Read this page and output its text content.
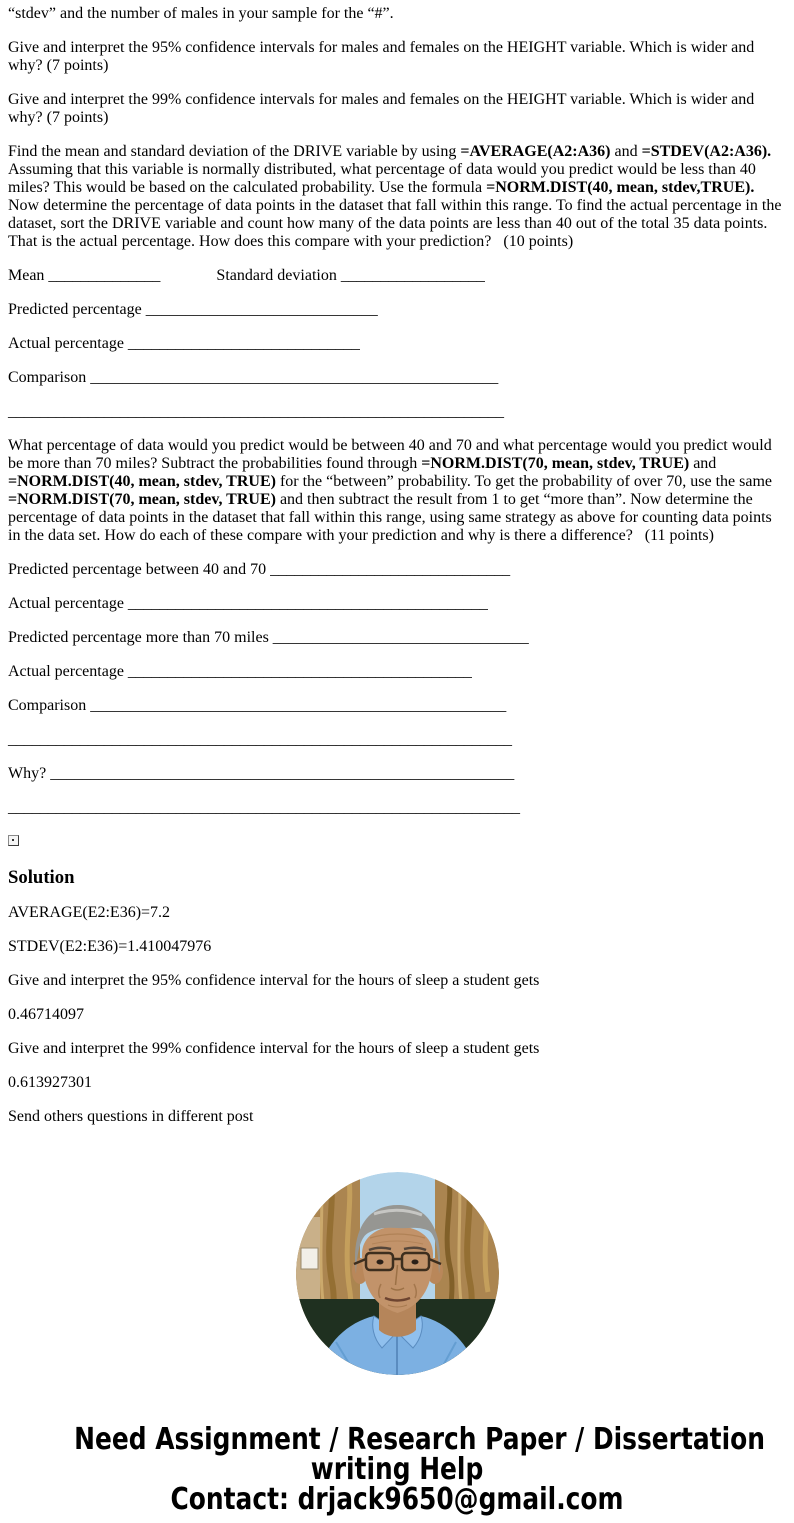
“stdev” and the number of males in your sample for the “#”.

Give and interpret the 95% confidence intervals for males and females on the HEIGHT variable. Which is wider and why? (7 points)

Give and interpret the 99% confidence intervals for males and females on the HEIGHT variable. Which is wider and why? (7 points)

Find the mean and standard deviation of the DRIVE variable by using =AVERAGE(A2:A36) and =STDEV(A2:A36). Assuming that this variable is normally distributed, what percentage of data would you predict would be less than 40 miles? This would be based on the calculated probability. Use the formula =NORM.DIST(40, mean, stdev,TRUE). Now determine the percentage of data points in the dataset that fall within this range. To find the actual percentage in the dataset, sort the DRIVE variable and count how many of the data points are less than 40 out of the total 35 data points. That is the actual percentage. How does this compare with your prediction?   (10 points)

Mean ______________              Standard deviation __________________

Predicted percentage _____________________________

Actual percentage _____________________________

Comparison ___________________________________________________

______________________________________________________________

What percentage of data would you predict would be between 40 and 70 and what percentage would you predict would be more than 70 miles? Subtract the probabilities found through =NORM.DIST(70, mean, stdev, TRUE) and =NORM.DIST(40, mean, stdev, TRUE) for the “between” probability. To get the probability of over 70, use the same =NORM.DIST(70, mean, stdev, TRUE) and then subtract the result from 1 to get “more than”. Now determine the percentage of data points in the dataset that fall within this range, using same strategy as above for counting data points in the data set. How do each of these compare with your prediction and why is there a difference?   (11 points)

Predicted percentage between 40 and 70 ______________________________

Actual percentage _____________________________________________

Predicted percentage more than 70 miles ________________________________

Actual percentage ___________________________________________

Comparison ____________________________________________________

_______________________________________________________________

Why? __________________________________________________________

________________________________________________________________

Solution

AVERAGE(E2:E36)=7.2

STDEV(E2:E36)=1.410047976

Give and interpret the 95% confidence interval for the hours of sleep a student gets

0.46714097

Give and interpret the 99% confidence interval for the hours of sleep a student gets

0.613927301

Send others questions in different post

Need Assignment / Research Paper / Dissertation
writing Help
Contact: drjack9650@gmail.com
